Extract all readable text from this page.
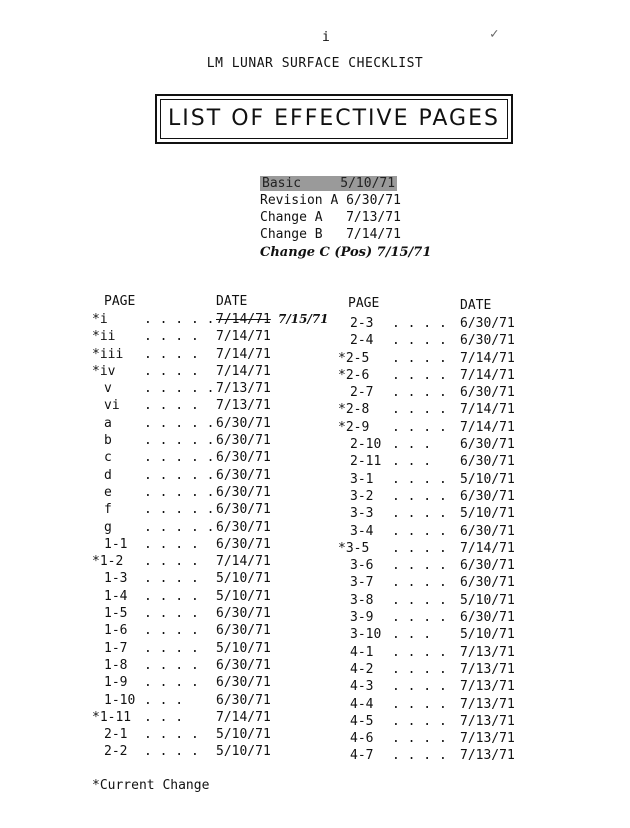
i	✓
LM LUNAR SURFACE CHECKLIST
LIST OF EFFECTIVE PAGES
Basic	5/10/71
Revision A 6/30/71
Change A 7/13/71
Change B 7/14/71
Change C (Pos) 7/15/71
PAGE	DATE	PAGE	DATE
*i	. . . . . 7/14/71 7/15/71
*ii . . . . 7/14/71
*iii . . . . 7/14/71
*iv . . . . 7/14/71
v . . . . . 7/13/71
vi . . . . 7/13/71
a . . . . . 6/30/71
b . . . . . 6/30/71
c . . . . . 6/30/71
d . . . . . 6/30/71
e . . . . . 6/30/71
f . . . . . 6/30/71
g . . . . . 6/30/71
1-1 . . . . 6/30/71
*1-2 . . . . 7/14/71
1-3 . . . . 5/10/71
1-4 . . . . 5/10/71
1-5 . . . . 6/30/71
1-6 . . . . 6/30/71
1-7 . . . . 5/10/71
1-8 . . . . 6/30/71
1-9 . . . . 6/30/71
1-10 . . .	6/30/71
*1-11 . . .	7/14/71
2-1 . . . . 5/10/71
2-2 . . . . 5/10/71
2-3 . . . . 6/30/71
2-4 . . . . 6/30/71
*2-5 . . . . 7/14/71
*2-6 . . . . 7/14/71
2-7 . . . . 6/30/71
*2-8 . . . . 7/14/71
*2-9 . . . . 7/14/71
2-10 . . . 6/30/71
2-11 . . . 6/30/71
3-1 . . . . 5/10/71
3-2 . . . . 6/30/71
3-3 . . . . 5/10/71
3-4 . . . . 6/30/71
*3-5 . . . . 7/14/71
3-6 . . . . 6/30/71
3-7 . . . . 6/30/71
3-8 . . . . 5/10/71
3-9 . . . . 6/30/71
3-10 . . . 5/10/71
4-1 . . . . 7/13/71
4-2 . . . . 7/13/71
4-3 . . . . 7/13/71
4-4 . . . . 7/13/71
4-5 . . . . 7/13/71
4-6 . . . . 7/13/71
4-7 . . . . 7/13/71
*Current Change
